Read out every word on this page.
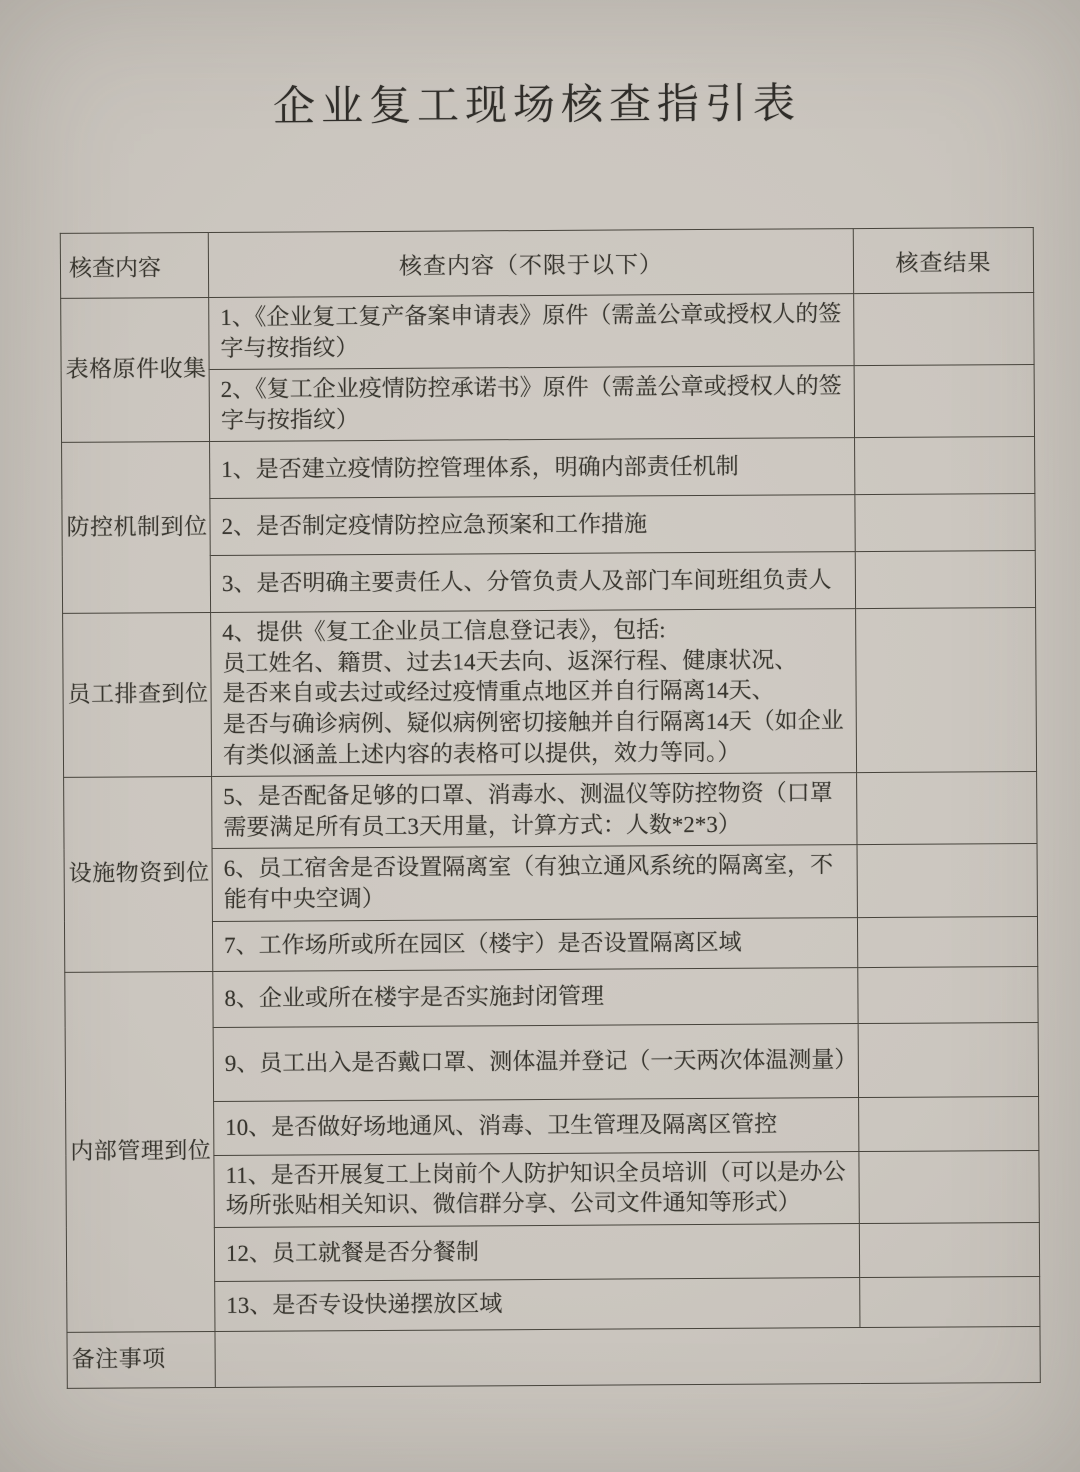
企业复工现场核查指引表
核查内容	核查内容（不限于以下）	核查结果
表格原件收集	1、《企业复工复产备案申请表》原件（需盖公章或授权人的签字与按指纹）	
	2、《复工企业疫情防控承诺书》原件（需盖公章或授权人的签字与按指纹）	
防控机制到位	1、是否建立疫情防控管理体系，明确内部责任机制	
	2、是否制定疫情防控应急预案和工作措施	
	3、是否明确主要责任人、分管负责人及部门车间班组负责人	
员工排查到位	4、提供《复工企业员工信息登记表》，包括:
员工姓名、籍贯、过去14天去向、返深行程、健康状况、
是否来自或去过或经过疫情重点地区并自行隔离14天、
是否与确诊病例、疑似病例密切接触并自行隔离14天（如企业
有类似涵盖上述内容的表格可以提供，效力等同。）	
设施物资到位	5、是否配备足够的口罩、消毒水、测温仪等防控物资（口罩需要满足所有员工3天用量，计算方式：人数*2*3）	
	6、员工宿舍是否设置隔离室（有独立通风系统的隔离室，不能有中央空调）	
	7、工作场所或所在园区（楼宇）是否设置隔离区域	
内部管理到位	8、企业或所在楼宇是否实施封闭管理	
	9、员工出入是否戴口罩、测体温并登记（一天两次体温测量）	
	10、是否做好场地通风、消毒、卫生管理及隔离区管控	
	11、是否开展复工上岗前个人防护知识全员培训（可以是办公场所张贴相关知识、微信群分享、公司文件通知等形式）	
	12、员工就餐是否分餐制	
	13、是否专设快递摆放区域	
备注事项		
